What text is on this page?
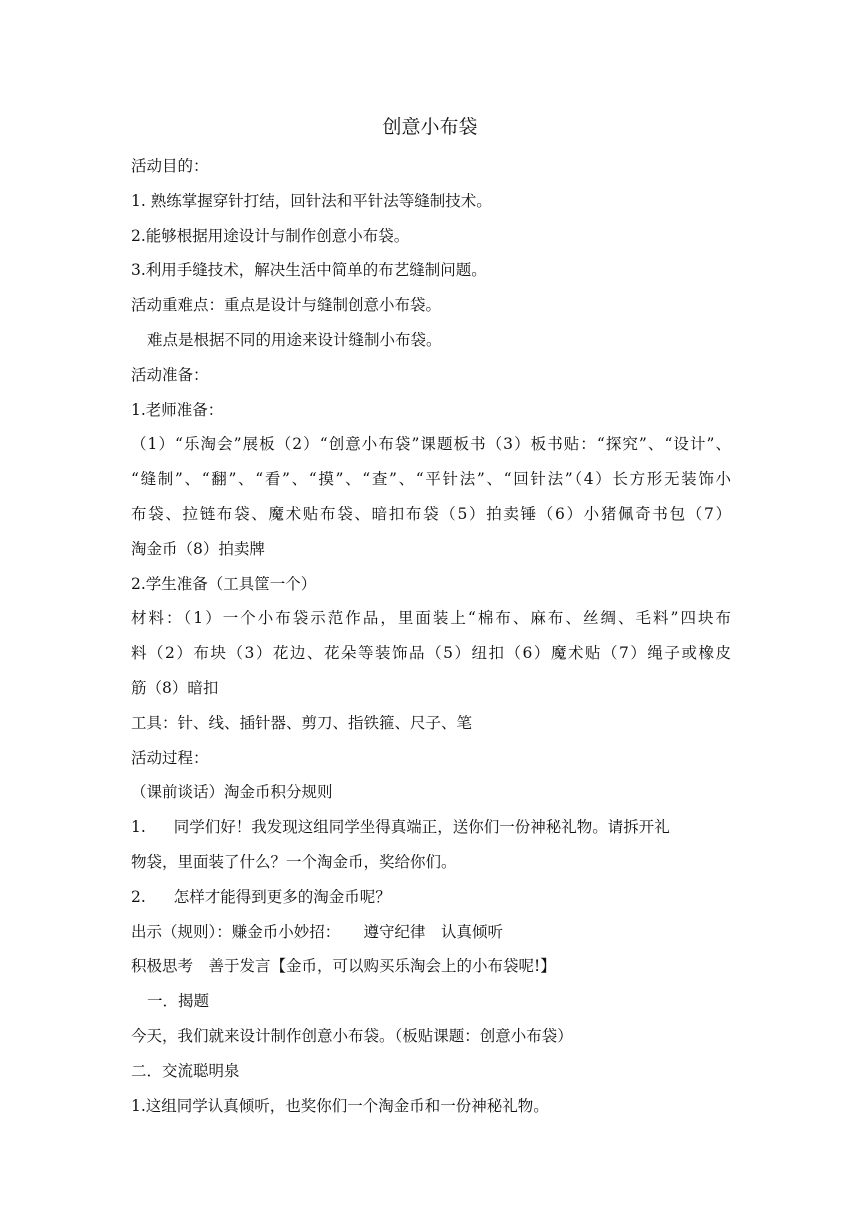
创意小布袋
活动目的：
1. 熟练掌握穿针打结，回针法和平针法等缝制技术。
2.能够根据用途设计与制作创意小布袋。
3.利用手缝技术，解决生活中简单的布艺缝制问题。
活动重难点：重点是设计与缝制创意小布袋。
难点是根据不同的用途来设计缝制小布袋。
活动准备：
1.老师准备：
（1）“乐淘会”展板（2）“创意小布袋”课题板书（3）板书贴：“探究”、“设计”、
“缝制”、“翻”、“看”、“摸”、“查”、“平针法”、“回针法”（4）长方形无装饰小
布袋、拉链布袋、魔术贴布袋、暗扣布袋（5）拍卖锤（6）小猪佩奇书包（7）
淘金币（8）拍卖牌
2.学生准备（工具筐一个）
材料：（1）一个小布袋示范作品，里面装上“棉布、麻布、丝绸、毛料”四块布
料（2）布块（3）花边、花朵等装饰品（5）纽扣（6）魔术贴（7）绳子或橡皮
筋（8）暗扣
工具：针、线、插针器、剪刀、指铁箍、尺子、笔
活动过程：
（课前谈话）淘金币积分规则
1. 同学们好！我发现这组同学坐得真端正，送你们一份神秘礼物。请拆开礼
物袋，里面装了什么？一个淘金币，奖给你们。
2. 怎样才能得到更多的淘金币呢？
出示（规则）：赚金币小妙招：　　遵守纪律　认真倾听
积极思考　善于发言【金币，可以购买乐淘会上的小布袋呢!】
一．揭题
今天，我们就来设计制作创意小布袋。（板贴课题：创意小布袋）
二．交流聪明泉
1.这组同学认真倾听，也奖你们一个淘金币和一份神秘礼物。
